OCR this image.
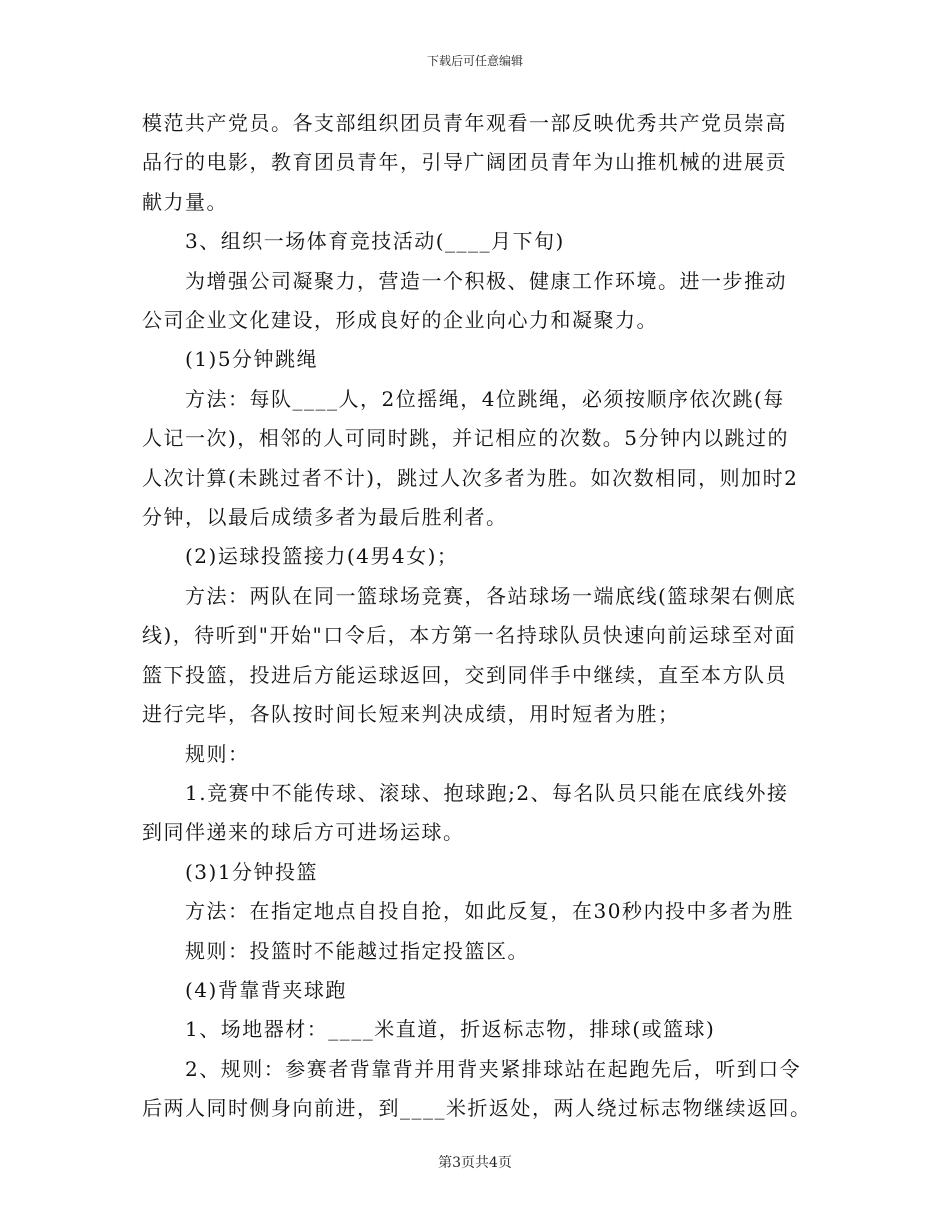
下载后可任意编辑

模范共产党员。各支部组织团员青年观看一部反映优秀共产党员崇高

品行的电影，教育团员青年，引导广阔团员青年为山推机械的进展贡

献力量。

　　3、组织一场体育竞技活动(____月下旬)

　　为增强公司凝聚力，营造一个积极、健康工作环境。进一步推动

公司企业文化建设，形成良好的企业向心力和凝聚力。

　　(1)5分钟跳绳

　　方法：每队____人，2位摇绳，4位跳绳，必须按顺序依次跳(每

人记一次)，相邻的人可同时跳，并记相应的次数。5分钟内以跳过的

人次计算(未跳过者不计)，跳过人次多者为胜。如次数相同，则加时2

分钟，以最后成绩多者为最后胜利者。

　　(2)运球投篮接力(4男4女)；

　　方法：两队在同一篮球场竞赛，各站球场一端底线(篮球架右侧底

线)，待听到"开始"口令后，本方第一名持球队员快速向前运球至对面

篮下投篮，投进后方能运球返回，交到同伴手中继续，直至本方队员

进行完毕，各队按时间长短来判决成绩，用时短者为胜；

　　规则：

　　1.竞赛中不能传球、滚球、抱球跑;2、每名队员只能在底线外接

到同伴递来的球后方可进场运球。

　　(3)1分钟投篮

　　方法：在指定地点自投自抢，如此反复，在30秒内投中多者为胜

　　规则：投篮时不能越过指定投篮区。

　　(4)背靠背夹球跑

　　1、场地器材：____米直道，折返标志物，排球(或篮球)

　　2、规则：参赛者背靠背并用背夹紧排球站在起跑先后，听到口令

后两人同时侧身向前进，到____米折返处，两人绕过标志物继续返回。

第3页共4页
